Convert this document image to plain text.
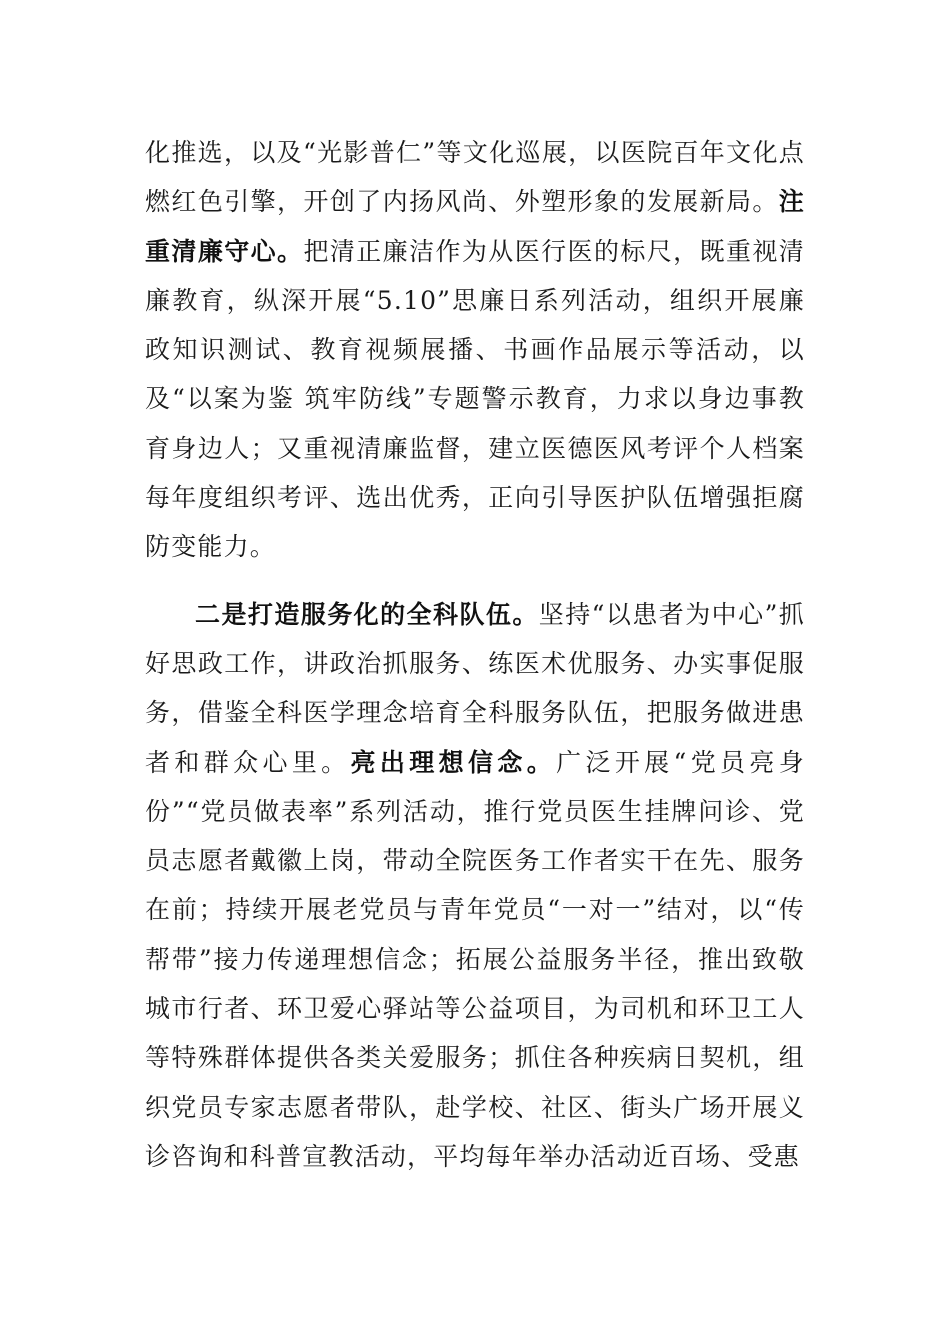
化推选，以及“光影普仁”等文化巡展，以医院百年文化点燃红色引擎，开创了内扬风尚、外塑形象的发展新局。注重清廉守心。把清正廉洁作为从医行医的标尺，既重视清廉教育，纵深开展“5.10”思廉日系列活动，组织开展廉政知识测试、教育视频展播、书画作品展示等活动，以及“以案为鉴 筑牢防线”专题警示教育，力求以身边事教育身边人；又重视清廉监督，建立医德医风考评个人档案每年度组织考评、选出优秀，正向引导医护队伍增强拒腐防变能力。

二是打造服务化的全科队伍。坚持“以患者为中心”抓好思政工作，讲政治抓服务、练医术优服务、办实事促服务，借鉴全科医学理念培育全科服务队伍，把服务做进患者和群众心里。亮出理想信念。广泛开展“党员亮身份”“党员做表率”系列活动，推行党员医生挂牌问诊、党员志愿者戴徽上岗，带动全院医务工作者实干在先、服务在前；持续开展老党员与青年党员“一对一”结对，以“传帮带”接力传递理想信念；拓展公益服务半径，推出致敬城市行者、环卫爱心驿站等公益项目，为司机和环卫工人等特殊群体提供各类关爱服务；抓住各种疾病日契机，组织党员专家志愿者带队，赴学校、社区、街头广场开展义诊咨询和科普宣教活动，平均每年举办活动近百场、受惠
